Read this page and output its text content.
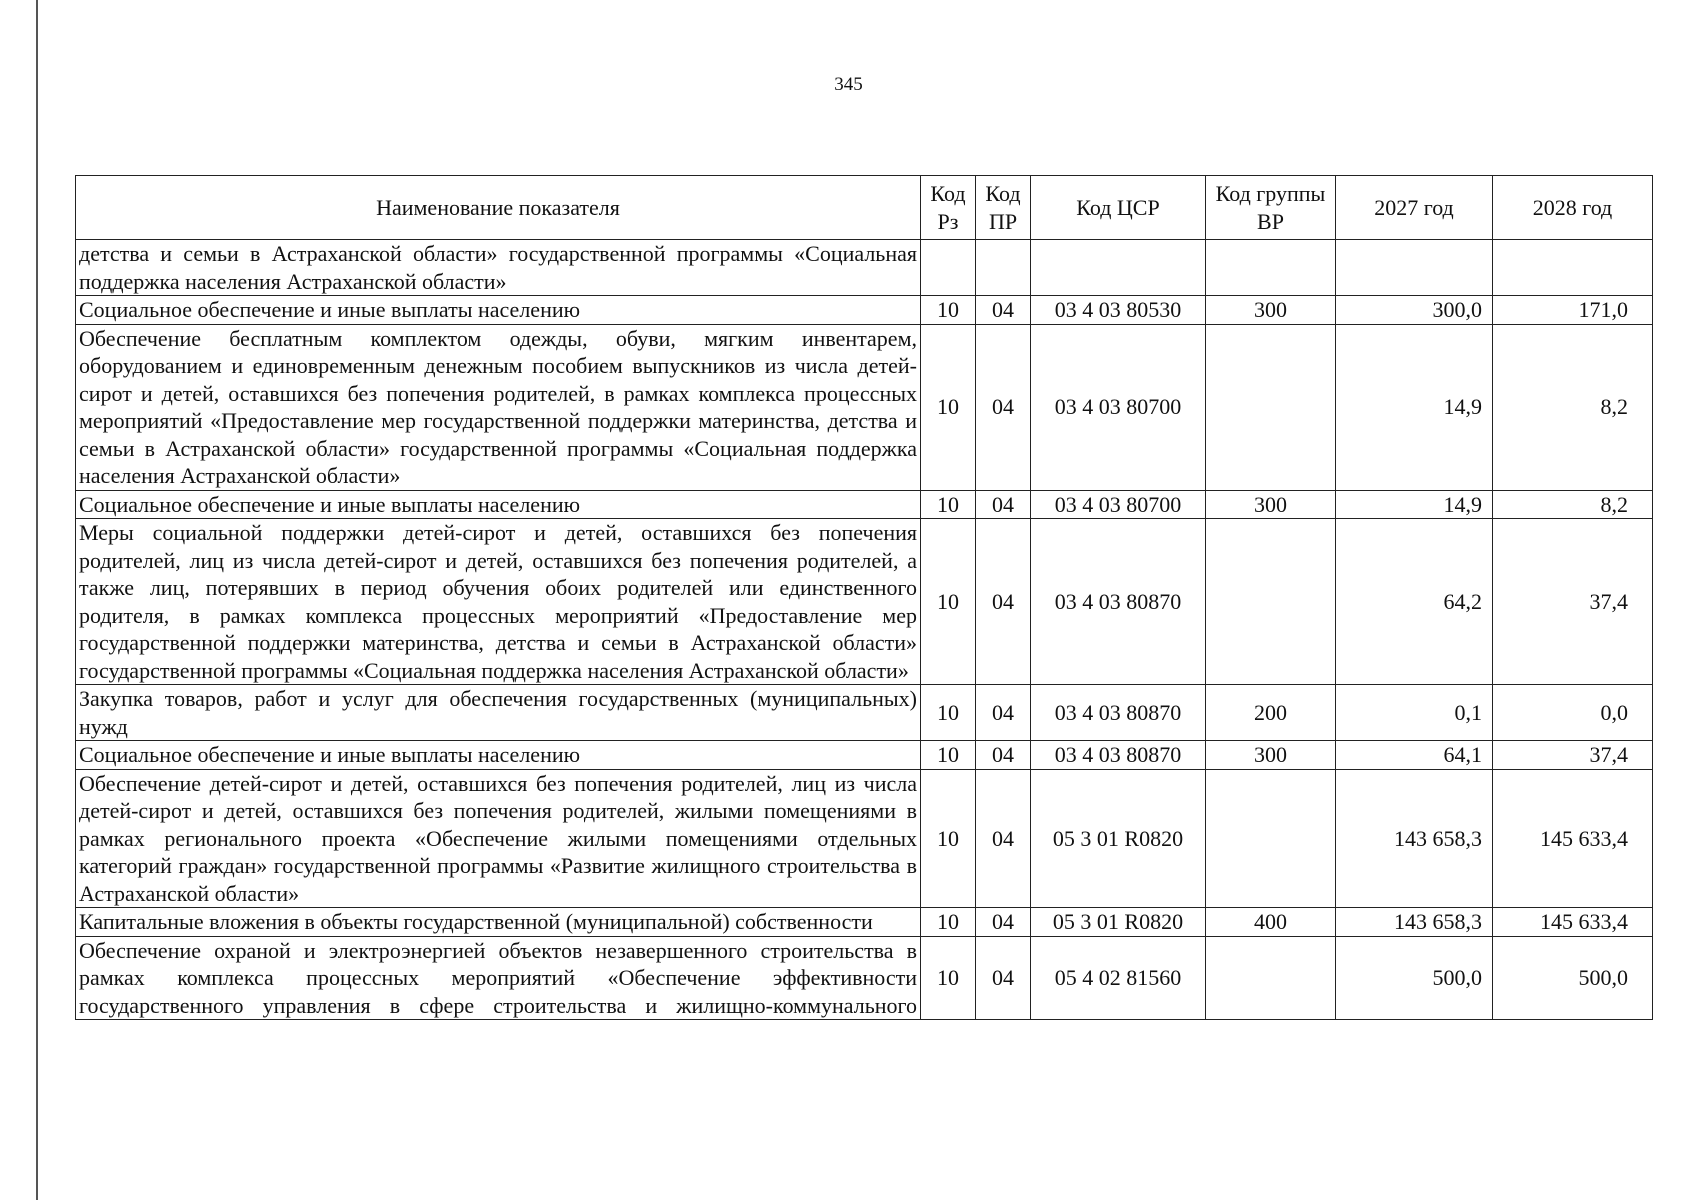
345
Наименование показателя	Код Рз	Код ПР	Код ЦСР	Код группы ВР	2027 год	2028 год
детства и семьи в Астраханской области» государственной программы «Социальная поддержка населения Астраханской области»						
Социальное обеспечение и иные выплаты населению	10	04	03 4 03 80530	300	300,0	171,0
Обеспечение бесплатным комплектом одежды, обуви, мягким инвентарем, оборудованием и единовременным денежным пособием выпускников из числа детей-сирот и детей, оставшихся без попечения родителей, в рамках комплекса процессных мероприятий «Предоставление мер государственной поддержки материнства, детства и семьи в Астраханской области» государственной программы «Социальная поддержка населения Астраханской области»	10	04	03 4 03 80700		14,9	8,2
Социальное обеспечение и иные выплаты населению	10	04	03 4 03 80700	300	14,9	8,2
Меры социальной поддержки детей-сирот и детей, оставшихся без попечения родителей, лиц из числа детей-сирот и детей, оставшихся без попечения родителей, а также лиц, потерявших в период обучения обоих родителей или единственного родителя, в рамках комплекса процессных мероприятий «Предоставление мер государственной поддержки материнства, детства и семьи в Астраханской области» государственной программы «Социальная поддержка населения Астраханской области»	10	04	03 4 03 80870		64,2	37,4
Закупка товаров, работ и услуг для обеспечения государственных (муниципальных) нужд	10	04	03 4 03 80870	200	0,1	0,0
Социальное обеспечение и иные выплаты населению	10	04	03 4 03 80870	300	64,1	37,4
Обеспечение детей-сирот и детей, оставшихся без попечения родителей, лиц из числа детей-сирот и детей, оставшихся без попечения родителей, жилыми помещениями в рамках регионального проекта «Обеспечение жилыми помещениями отдельных категорий граждан» государственной программы «Развитие жилищного строительства в Астраханской области»	10	04	05 3 01 R0820		143 658,3	145 633,4
Капитальные вложения в объекты государственной (муниципальной) собственности	10	04	05 3 01 R0820	400	143 658,3	145 633,4
Обеспечение охраной и электроэнергией объектов незавершенного строительства в рамках комплекса процессных мероприятий «Обеспечение эффективности государственного управления в сфере строительства и жилищно-коммунального	10	04	05 4 02 81560		500,0	500,0
